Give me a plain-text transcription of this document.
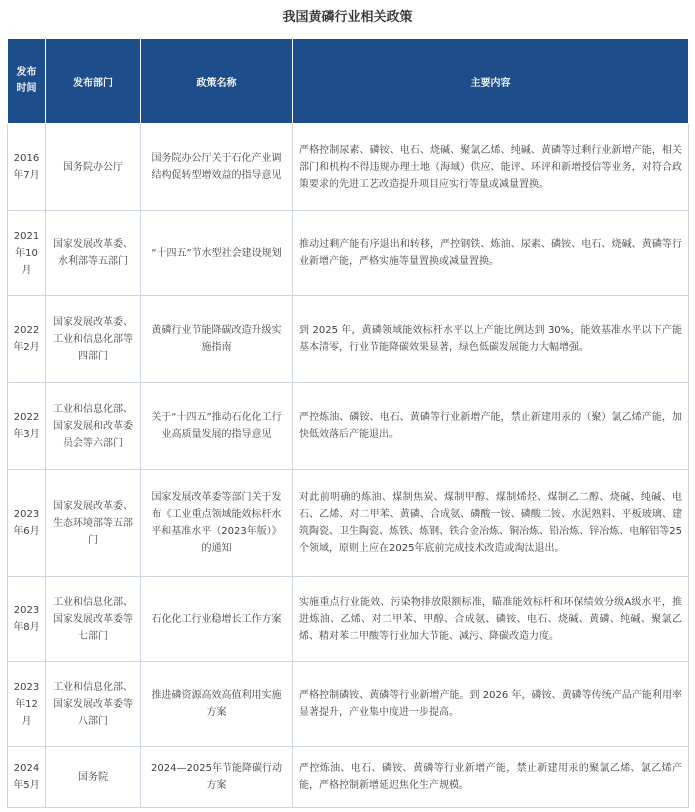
我国黄磷行业相关政策
发布时间	发布部门	政策名称	主要内容

2016年7月	国务院办公厅	国务院办公厅关于石化产业调结构促转型增效益的指导意见	严格控制尿素、磷铵、电石、烧碱、聚氯乙烯、纯碱、黄磷等过剩行业新增产能，相关部门和机构不得违规办理土地（海域）供应、能评、环评和新增授信等业务，对符合政策要求的先进工艺改造提升项目应实行等量或减量置换。

2021年10月	国家发展改革委、水利部等五部门	“十四五”节水型社会建设规划	推动过剩产能有序退出和转移，严控钢铁、炼油、尿素、磷铵、电石、烧碱、黄磷等行业新增产能，严格实施等量置换或减量置换。

2022年2月	国家发展改革委、工业和信息化部等四部门	黄磷行业节能降碳改造升级实施指南	到 2025 年，黄磷领域能效标杆水平以上产能比例达到 30%，能效基准水平以下产能基本清零，行业节能降碳效果显著，绿色低碳发展能力大幅增强。

2022年3月	工业和信息化部、国家发展和改革委员会等六部门	关于“十四五”推动石化化工行业高质量发展的指导意见	严控炼油、磷铵、电石、黄磷等行业新增产能，禁止新建用汞的（聚）氯乙烯产能，加快低效落后产能退出。

2023年6月	国家发展改革委、生态环境部等五部门	国家发展改革委等部门关于发布《工业重点领域能效标杆水平和基准水平（2023年版）》的通知	对此前明确的炼油、煤制焦炭、煤制甲醇、煤制烯烃、煤制乙二醇、烧碱、纯碱、电石、乙烯、对二甲苯、黄磷、合成氨、磷酸一铵、磷酸二铵、水泥熟料、平板玻璃、建筑陶瓷、卫生陶瓷、炼铁、炼钢、铁合金冶炼、铜冶炼、铅冶炼、锌冶炼、电解铝等25个领域，原则上应在2025年底前完成技术改造或淘汰退出。

2023年8月	工业和信息化部、国家发展改革委等七部门	石化化工行业稳增长工作方案	实施重点行业能效、污染物排放限额标准，瞄准能效标杆和环保绩效分级A级水平，推进炼油、乙烯、对二甲苯、甲醇、合成氨、磷铵、电石、烧碱、黄磷、纯碱、聚氯乙烯、精对苯二甲酸等行业加大节能、减污、降碳改造力度。

2023年12月	工业和信息化部、国家发展改革委等八部门	推进磷资源高效高值利用实施方案	严格控制磷铵、黄磷等行业新增产能。到 2026 年，磷铵、黄磷等传统产品产能利用率显著提升，产业集中度进一步提高。

2024年5月	国务院	2024—2025年节能降碳行动方案	严控炼油、电石、磷铵、黄磷等行业新增产能，禁止新建用汞的聚氯乙烯、氯乙烯产能，严格控制新增延迟焦化生产规模。
